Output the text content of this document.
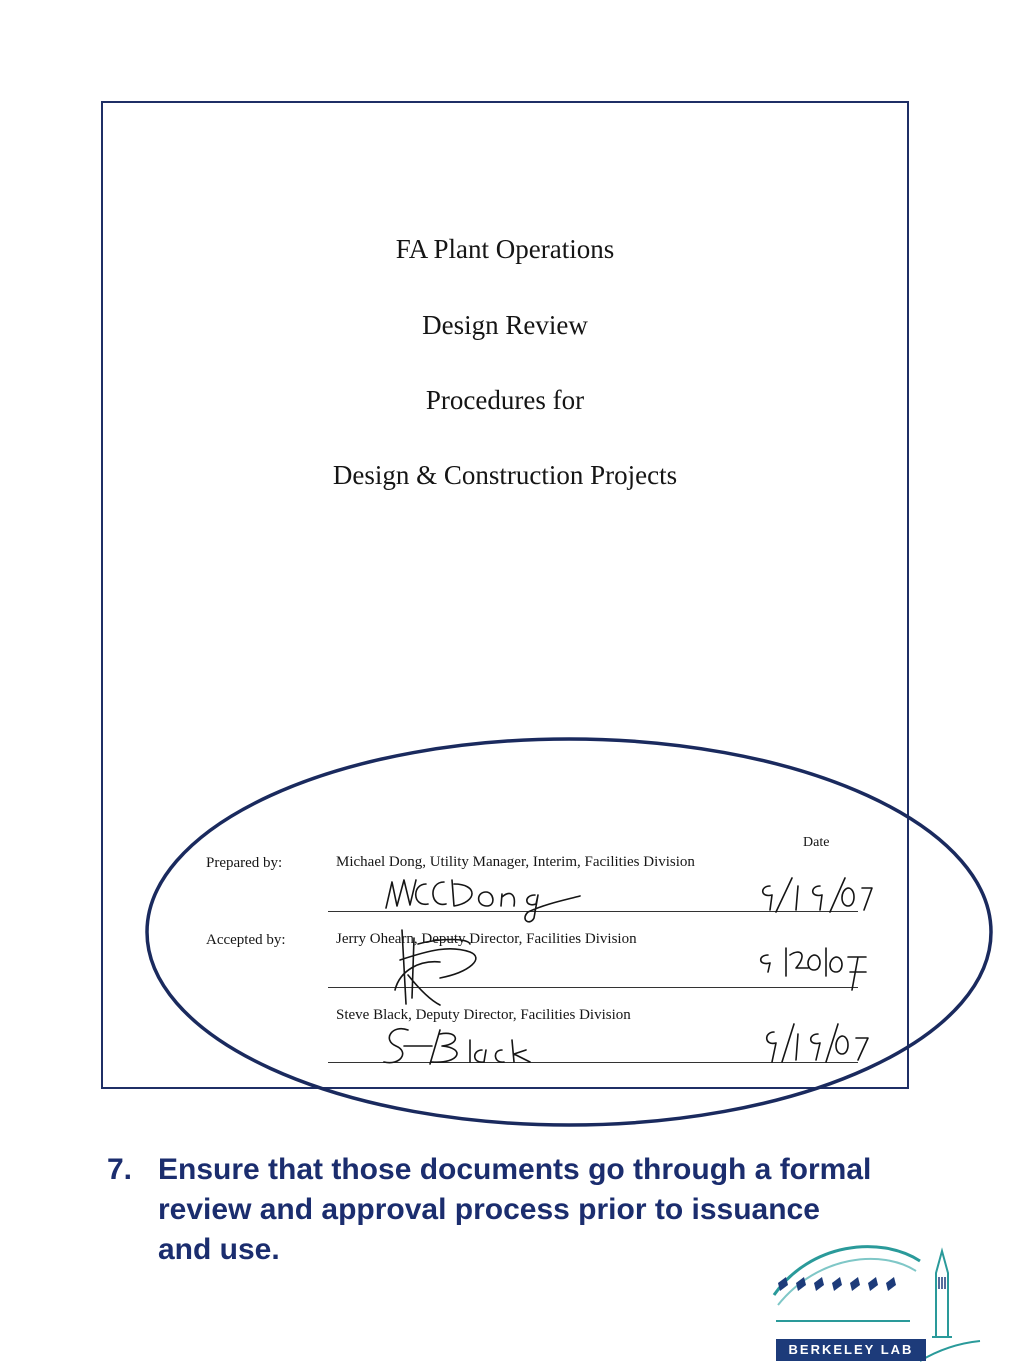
FA Plant Operations
Design Review
Procedures for
Design & Construction Projects
Date
Prepared by:	Michael Dong, Utility Manager, Interim, Facilities Division
Accepted by:	Jerry Ohearn, Deputy Director, Facilities Division
Steve Black, Deputy Director, Facilities Division
7. Ensure that those documents go through a formal review and approval process prior to issuance and use.
BERKELEY LAB
